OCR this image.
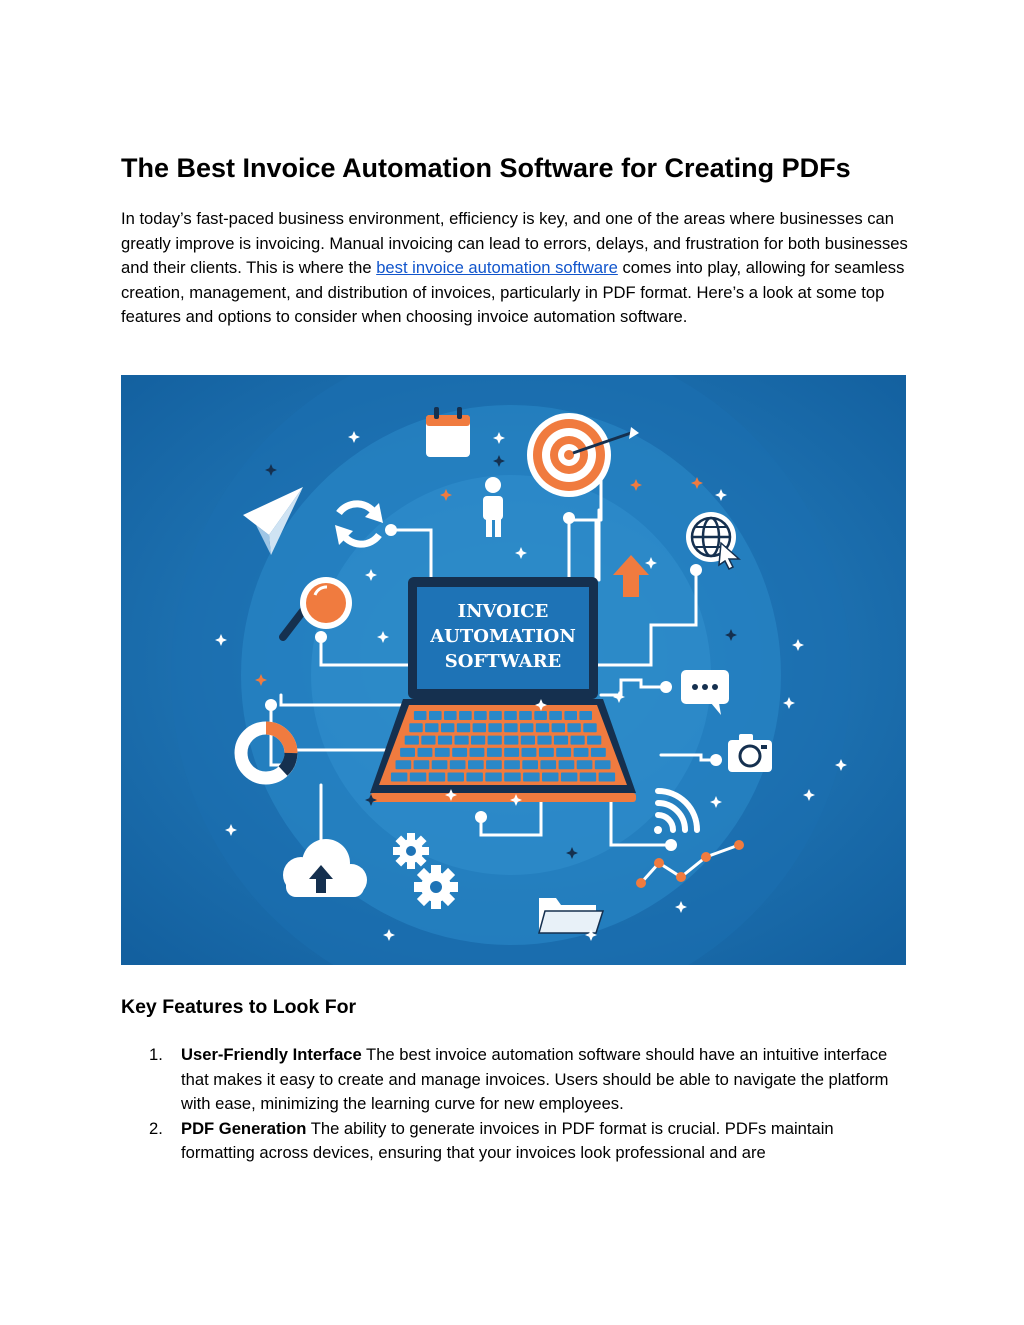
The Best Invoice Automation Software for Creating PDFs

In today’s fast-paced business environment, efficiency is key, and one of the areas where businesses can greatly improve is invoicing. Manual invoicing can lead to errors, delays, and frustration for both businesses and their clients. This is where the best invoice automation software comes into play, allowing for seamless creation, management, and distribution of invoices, particularly in PDF format. Here’s a look at some top features and options to consider when choosing invoice automation software.

INVOICE
AUTOMATION
SOFTWARE
Key Features to Look For
1. User-Friendly Interface The best invoice automation software should have an intuitive interface that makes it easy to create and manage invoices. Users should be able to navigate the platform with ease, minimizing the learning curve for new employees.
2. PDF Generation The ability to generate invoices in PDF format is crucial. PDFs maintain formatting across devices, ensuring that your invoices look professional and are
